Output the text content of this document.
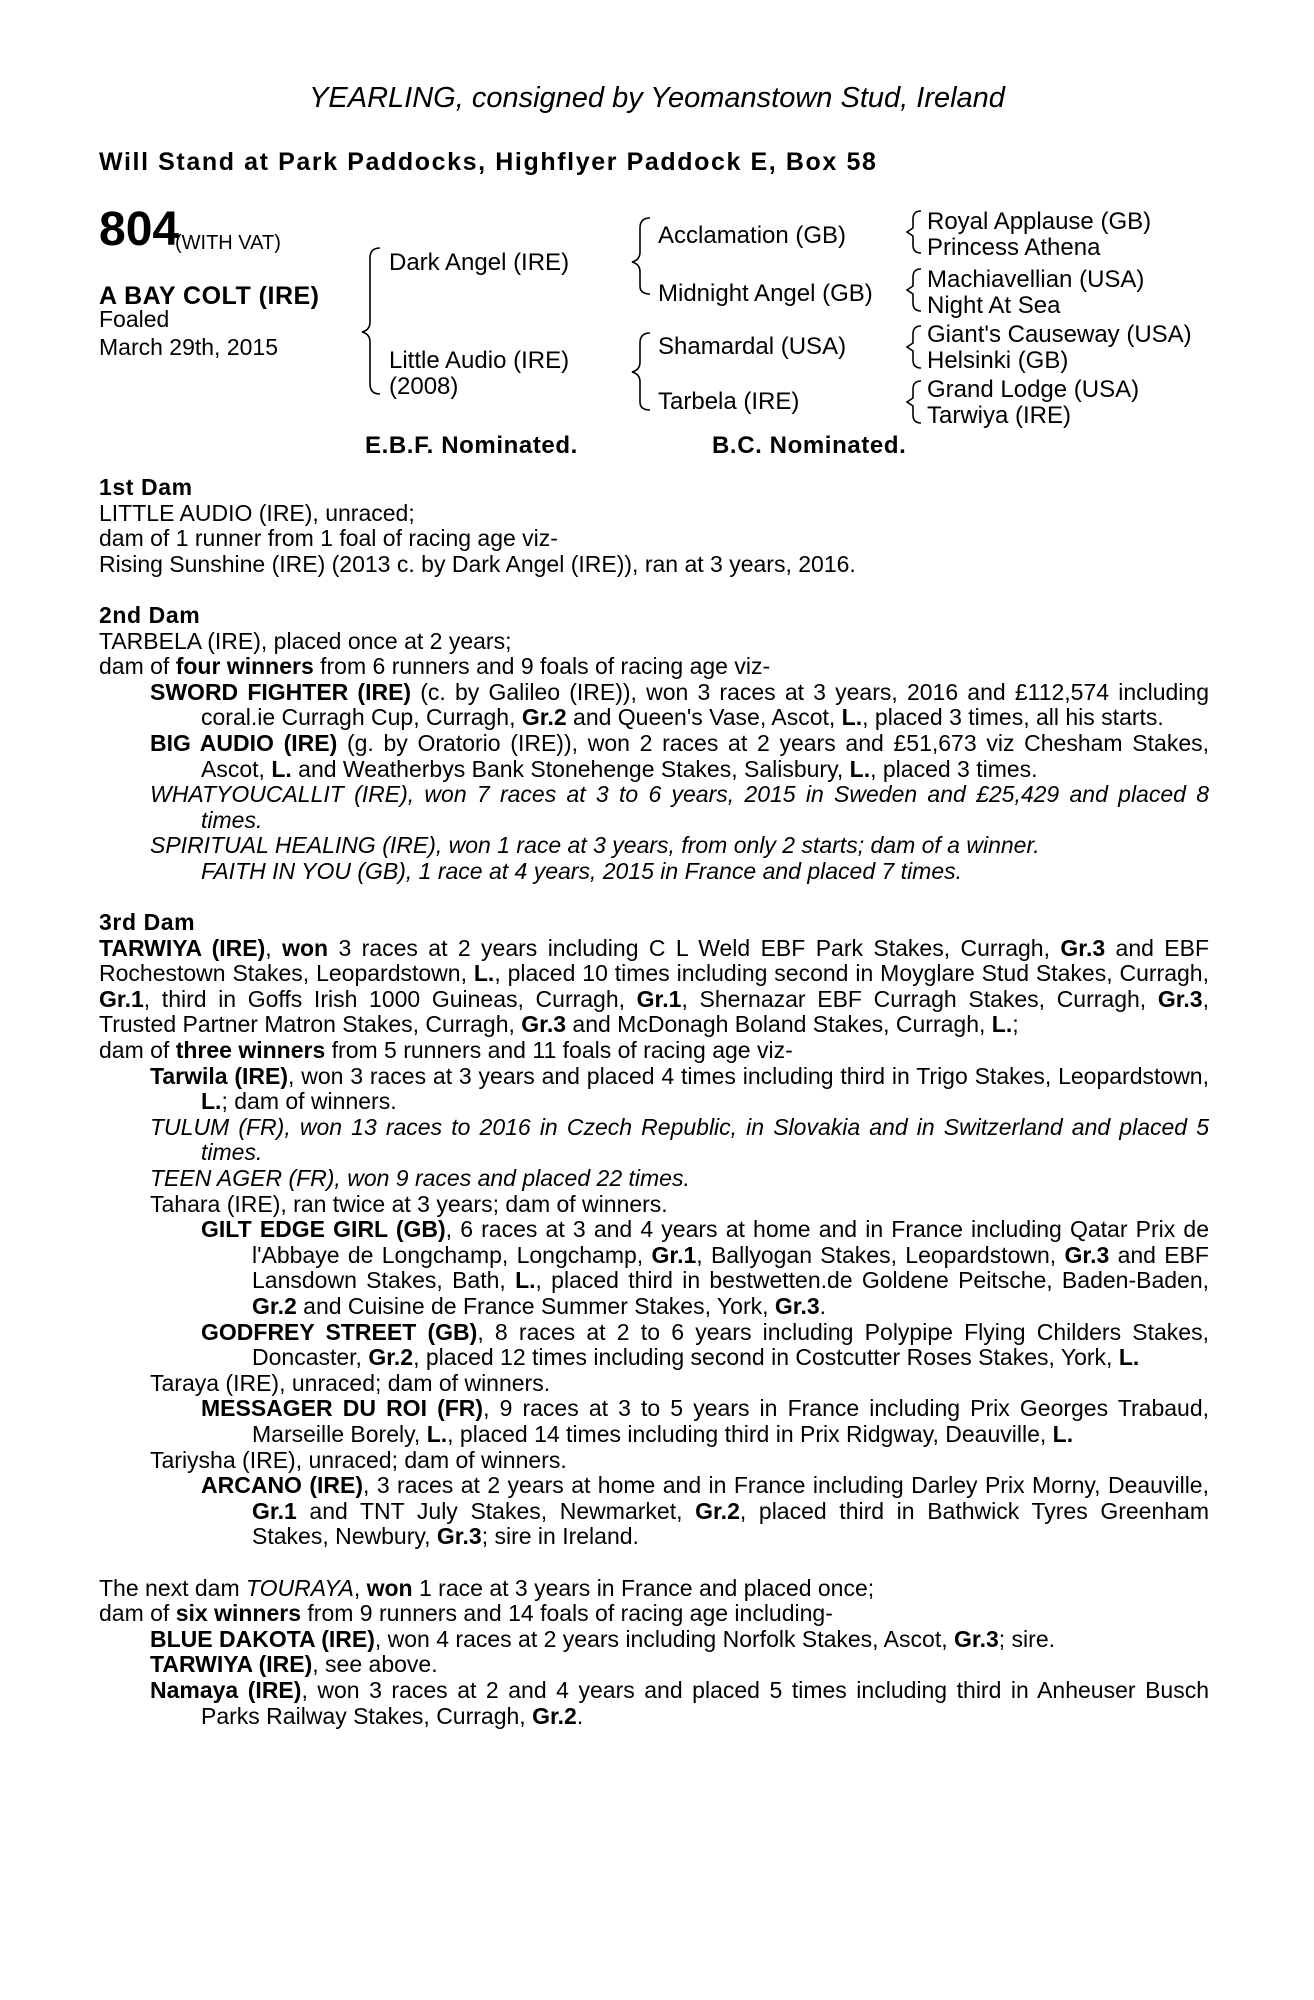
YEARLING, consigned by Yeomanstown Stud, Ireland
Will Stand at Park Paddocks, Highflyer Paddock E, Box 58
804
(WITH VAT)
A BAY COLT (IRE)
Foaled
March 29th, 2015
Dark Angel (IRE)
Little Audio (IRE)
(2008)
Acclamation (GB)
Midnight Angel (GB)
Shamardal (USA)
Tarbela (IRE)
Royal Applause (GB)
Princess Athena
Machiavellian (USA)
Night At Sea
Giant's Causeway (USA)
Helsinki (GB)
Grand Lodge (USA)
Tarwiya (IRE)
E.B.F. Nominated.	B.C. Nominated.

1st Dam

LITTLE AUDIO (IRE), unraced;

dam of 1 runner from 1 foal of racing age viz-

Rising Sunshine (IRE) (2013 c. by Dark Angel (IRE)), ran at 3 years, 2016.

2nd Dam

TARBELA (IRE), placed once at 2 years;

dam of four winners from 6 runners and 9 foals of racing age viz-

SWORD FIGHTER (IRE) (c. by Galileo (IRE)), won 3 races at 3 years, 2016 and £112,574 including coral.ie Curragh Cup, Curragh, Gr.2 and Queen's Vase, Ascot, L., placed 3 times, all his starts.

BIG AUDIO (IRE) (g. by Oratorio (IRE)), won 2 races at 2 years and £51,673 viz Chesham Stakes, Ascot, L. and Weatherbys Bank Stonehenge Stakes, Salisbury, L., placed 3 times.

WHATYOUCALLIT (IRE), won 7 races at 3 to 6 years, 2015 in Sweden and £25,429 and placed 8 times.

SPIRITUAL HEALING (IRE), won 1 race at 3 years, from only 2 starts; dam of a winner.

FAITH IN YOU (GB), 1 race at 4 years, 2015 in France and placed 7 times.

3rd Dam

TARWIYA (IRE), won 3 races at 2 years including C L Weld EBF Park Stakes, Curragh, Gr.3 and EBF Rochestown Stakes, Leopardstown, L., placed 10 times including second in Moyglare Stud Stakes, Curragh, Gr.1, third in Goffs Irish 1000 Guineas, Curragh, Gr.1, Shernazar EBF Curragh Stakes, Curragh, Gr.3, Trusted Partner Matron Stakes, Curragh, Gr.3 and McDonagh Boland Stakes, Curragh, L.;

dam of three winners from 5 runners and 11 foals of racing age viz-

Tarwila (IRE), won 3 races at 3 years and placed 4 times including third in Trigo Stakes, Leopardstown, L.; dam of winners.

TULUM (FR), won 13 races to 2016 in Czech Republic, in Slovakia and in Switzerland and placed 5 times.

TEEN AGER (FR), won 9 races and placed 22 times.

Tahara (IRE), ran twice at 3 years; dam of winners.

GILT EDGE GIRL (GB), 6 races at 3 and 4 years at home and in France including Qatar Prix de l'Abbaye de Longchamp, Longchamp, Gr.1, Ballyogan Stakes, Leopardstown, Gr.3 and EBF Lansdown Stakes, Bath, L., placed third in bestwetten.de Goldene Peitsche, Baden-Baden, Gr.2 and Cuisine de France Summer Stakes, York, Gr.3.

GODFREY STREET (GB), 8 races at 2 to 6 years including Polypipe Flying Childers Stakes, Doncaster, Gr.2, placed 12 times including second in Costcutter Roses Stakes, York, L.

Taraya (IRE), unraced; dam of winners.

MESSAGER DU ROI (FR), 9 races at 3 to 5 years in France including Prix Georges Trabaud, Marseille Borely, L., placed 14 times including third in Prix Ridgway, Deauville, L.

Tariysha (IRE), unraced; dam of winners.

ARCANO (IRE), 3 races at 2 years at home and in France including Darley Prix Morny, Deauville, Gr.1 and TNT July Stakes, Newmarket, Gr.2, placed third in Bathwick Tyres Greenham Stakes, Newbury, Gr.3; sire in Ireland.

The next dam TOURAYA, won 1 race at 3 years in France and placed once;

dam of six winners from 9 runners and 14 foals of racing age including-

BLUE DAKOTA (IRE), won 4 races at 2 years including Norfolk Stakes, Ascot, Gr.3; sire.

TARWIYA (IRE), see above.

Namaya (IRE), won 3 races at 2 and 4 years and placed 5 times including third in Anheuser Busch Parks Railway Stakes, Curragh, Gr.2.
